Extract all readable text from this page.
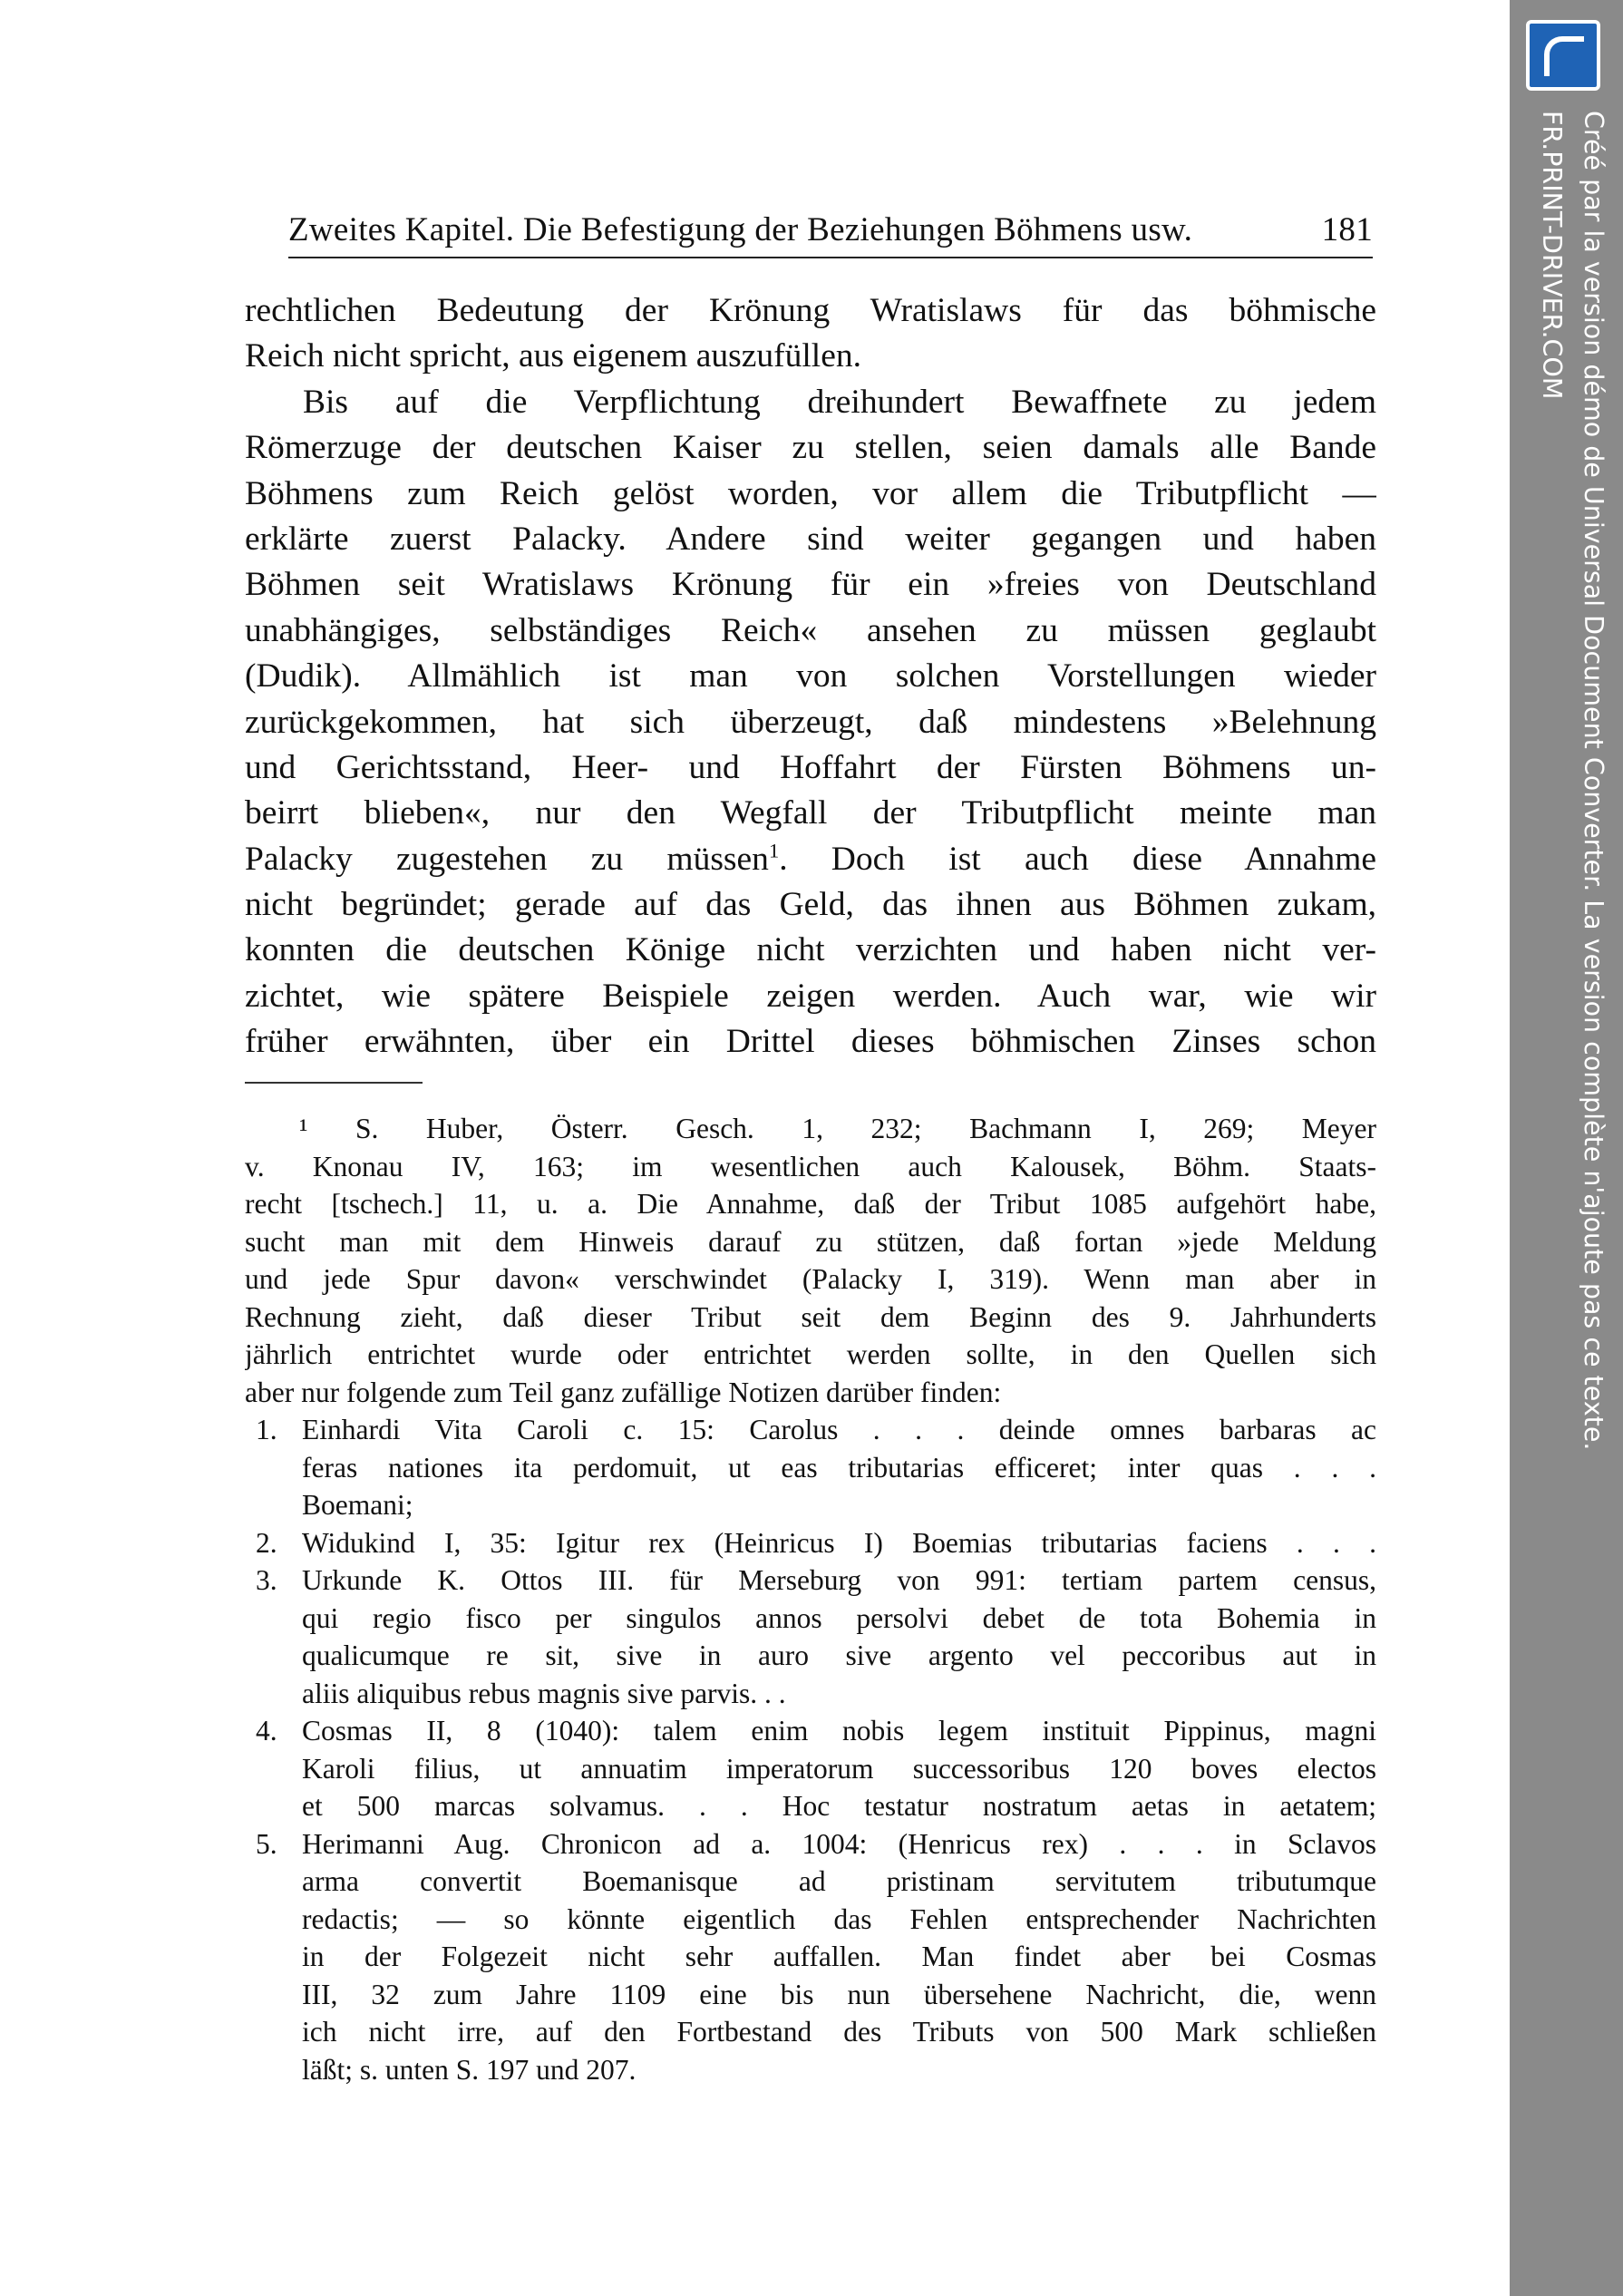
Zweites Kapitel. Die Befestigung der Beziehungen Böhmens usw.	181
rechtlichen Bedeutung der Krönung Wratislaws für das böhmische
Reich nicht spricht, aus eigenem auszufüllen.
Bis auf die Verpflichtung dreihundert Bewaffnete zu jedem
Römerzuge der deutschen Kaiser zu stellen, seien damals alle Bande
Böhmens zum Reich gelöst worden, vor allem die Tributpflicht —
erklärte zuerst Palacky. Andere sind weiter gegangen und haben
Böhmen seit Wratislaws Krönung für ein »freies von Deutschland
unabhängiges, selbständiges Reich« ansehen zu müssen geglaubt
(Dudik). Allmählich ist man von solchen Vorstellungen wieder
zurückgekommen, hat sich überzeugt, daß mindestens »Belehnung
und Gerichtsstand, Heer- und Hoffahrt der Fürsten Böhmens un-
beirrt blieben«, nur den Wegfall der Tributpflicht meinte man
Palacky zugestehen zu müssen$^1$. Doch ist auch diese Annahme
nicht begründet; gerade auf das Geld, das ihnen aus Böhmen zukam,
konnten die deutschen Könige nicht verzichten und haben nicht ver-
zichtet, wie spätere Beispiele zeigen werden. Auch war, wie wir
früher erwähnten, über ein Drittel dieses böhmischen Zinses schon
¹ S. Huber, Österr. Gesch. 1, 232; Bachmann I, 269; Meyer
v. Knonau IV, 163; im wesentlichen auch Kalousek, Böhm. Staats-
recht [tschech.] 11, u. a. Die Annahme, daß der Tribut 1085 aufgehört habe,
sucht man mit dem Hinweis darauf zu stützen, daß fortan »jede Meldung
und jede Spur davon« verschwindet (Palacky I, 319). Wenn man aber in
Rechnung zieht, daß dieser Tribut seit dem Beginn des 9. Jahrhunderts
jährlich entrichtet wurde oder entrichtet werden sollte, in den Quellen sich
aber nur folgende zum Teil ganz zufällige Notizen darüber finden:
1. Einhardi Vita Caroli c. 15: Carolus . . . deinde omnes barbaras ac
feras nationes ita perdomuit, ut eas tributarias efficeret; inter quas . . .
Boemani;
2. Widukind I, 35: Igitur rex (Heinricus I) Boemias tributarias faciens . . .
3. Urkunde K. Ottos III. für Merseburg von 991: tertiam partem census,
qui regio fisco per singulos annos persolvi debet de tota Bohemia in
qualicumque re sit, sive in auro sive argento vel peccoribus aut in
aliis aliquibus rebus magnis sive parvis. . .
4. Cosmas II, 8 (1040): talem enim nobis legem instituit Pippinus, magni
Karoli filius, ut annuatim imperatorum successoribus 120 boves electos
et 500 marcas solvamus. . . Hoc testatur nostratum aetas in aetatem;
5. Herimanni Aug. Chronicon ad a. 1004: (Henricus rex) . . . in Sclavos
arma convertit Boemanisque ad pristinam servitutem tributumque
redactis; — so könnte eigentlich das Fehlen entsprechender Nachrichten
in der Folgezeit nicht sehr auffallen. Man findet aber bei Cosmas
III, 32 zum Jahre 1109 eine bis nun übersehene Nachricht, die, wenn
ich nicht irre, auf den Fortbestand des Tributs von 500 Mark schließen
läßt; s. unten S. 197 und 207.
Créé par la version démo de Universal Document Converter. La version complète n'ajoute pas ce texte.
FR.PRINT-DRIVER.COM
